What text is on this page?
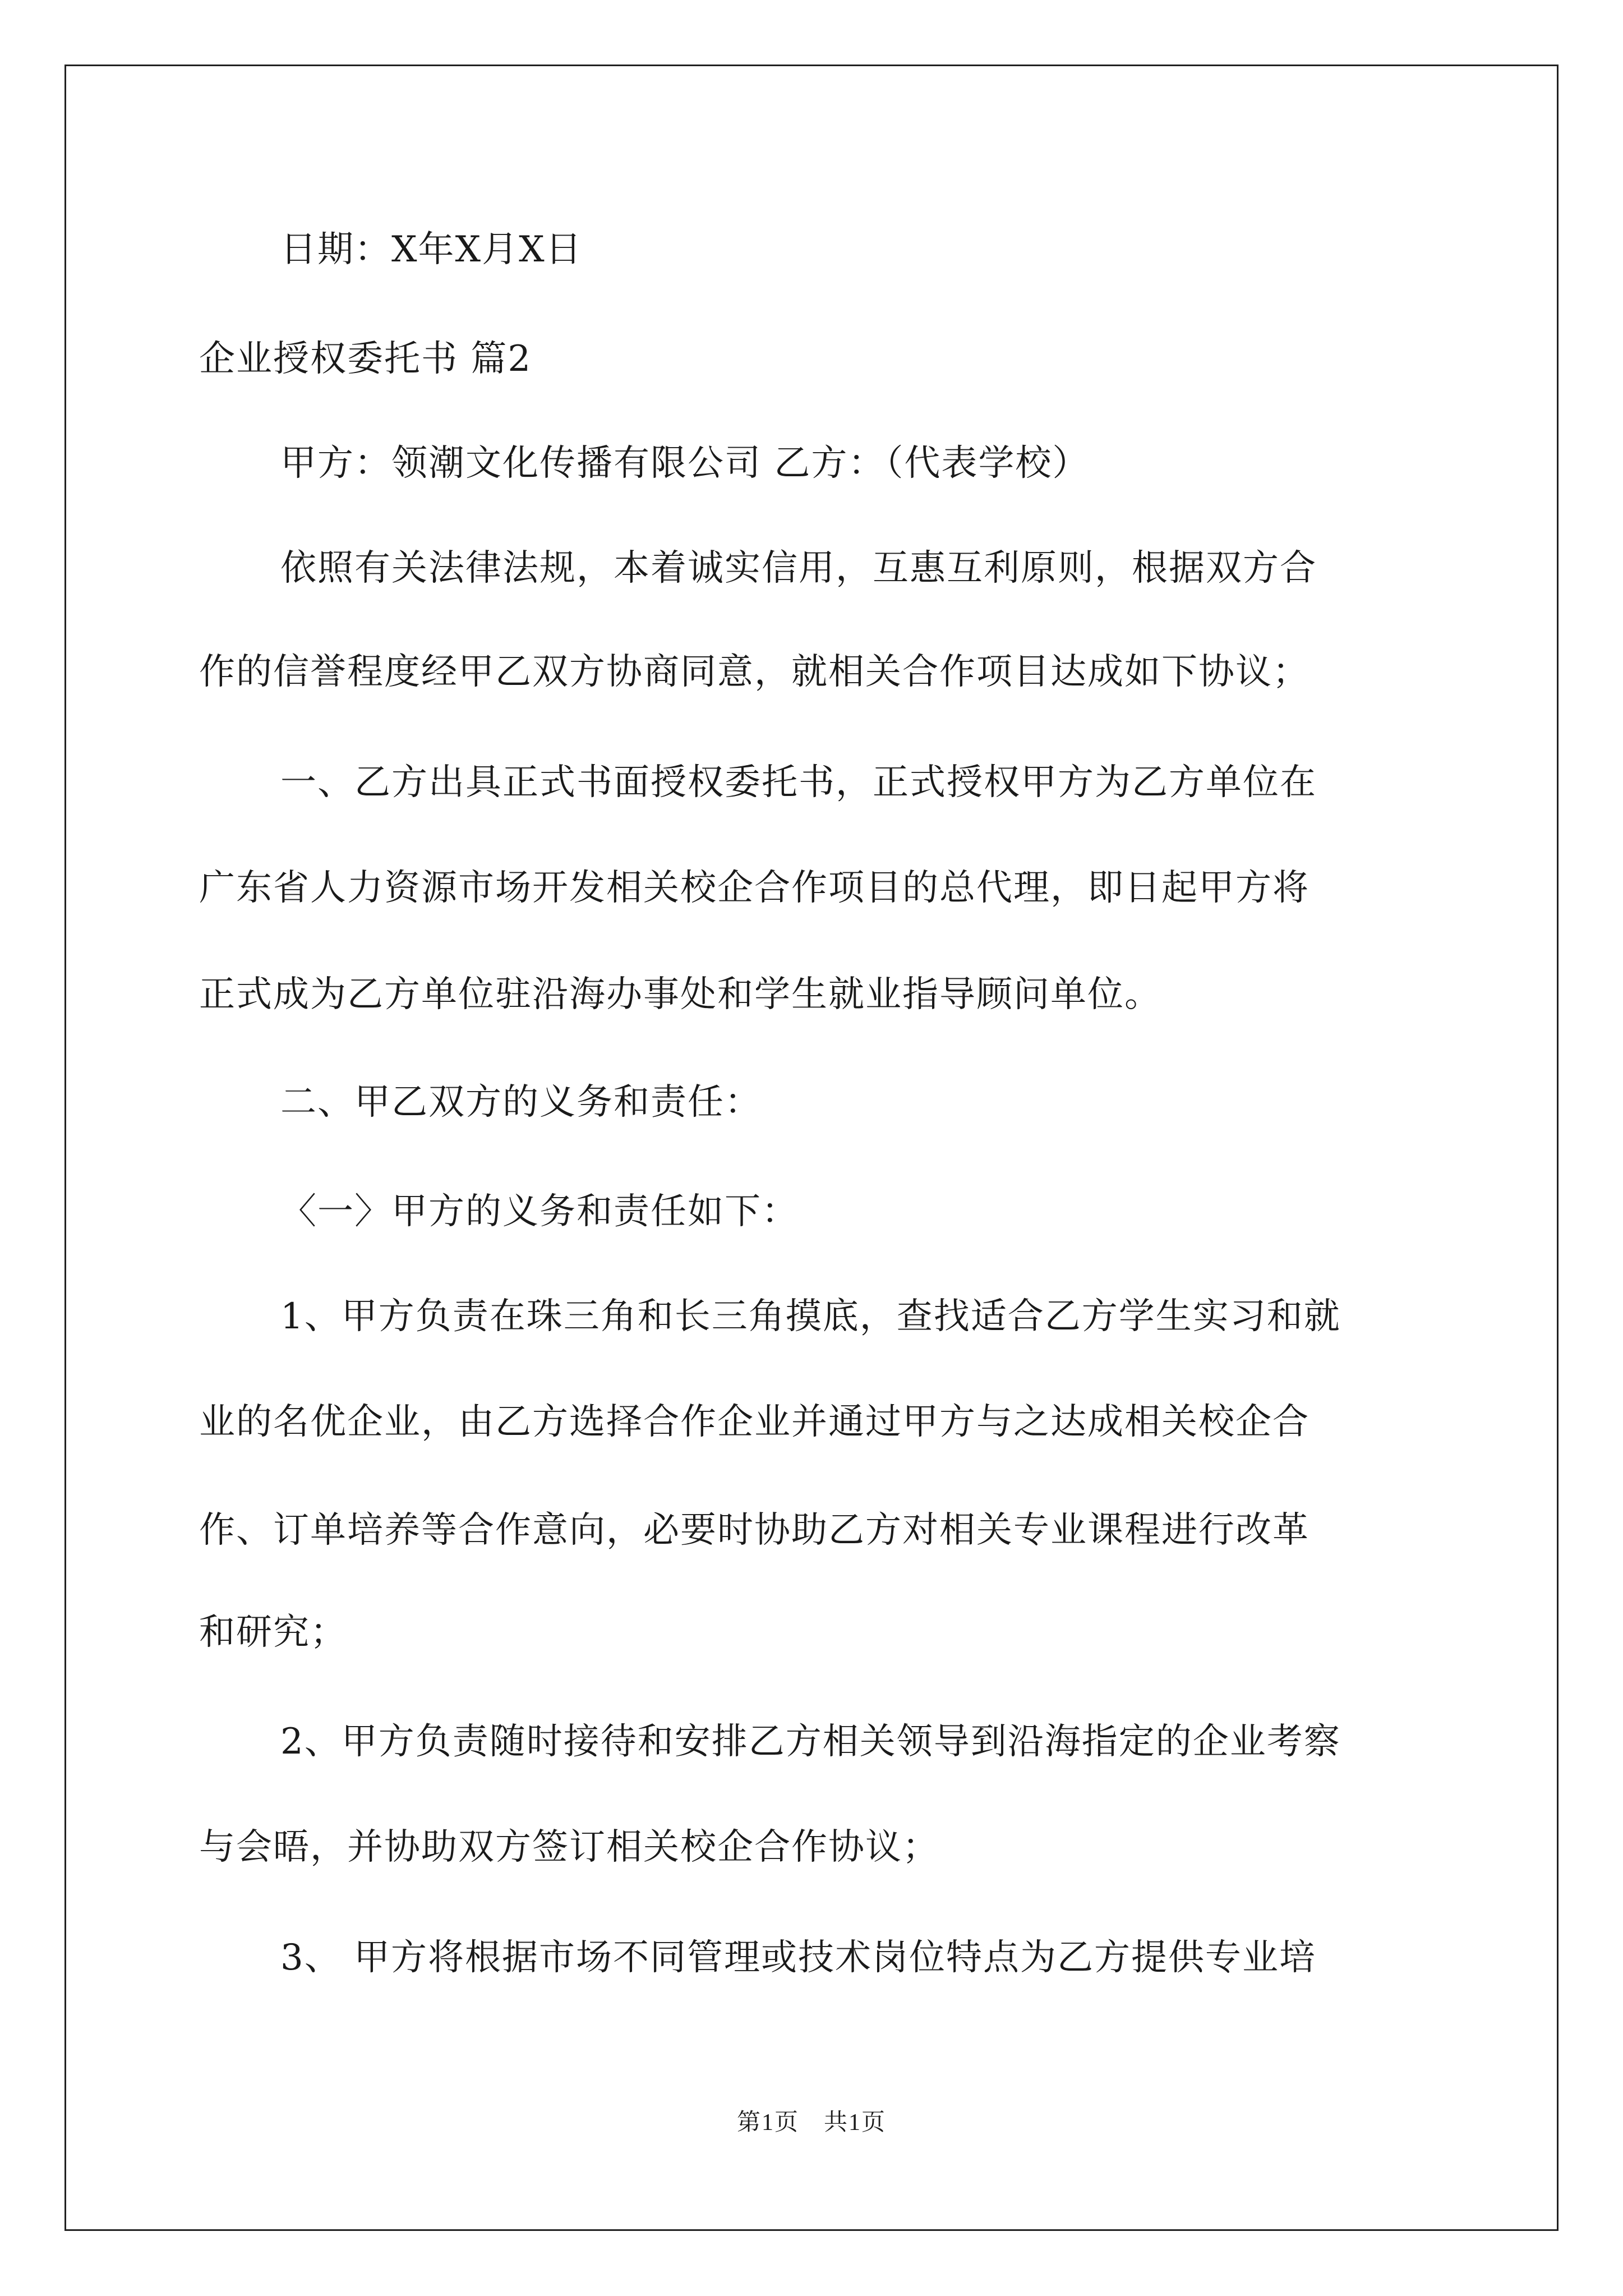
日期：X年X月X日
企业授权委托书 篇2
甲方：领潮文化传播有限公司 乙方：（代表学校）
依照有关法律法规，本着诚实信用，互惠互利原则，根据双方合
作的信誉程度经甲乙双方协商同意，就相关合作项目达成如下协议；
一、乙方出具正式书面授权委托书，正式授权甲方为乙方单位在
广东省人力资源市场开发相关校企合作项目的总代理，即日起甲方将
正式成为乙方单位驻沿海办事处和学生就业指导顾问单位。
二、甲乙双方的义务和责任：
〈一〉甲方的义务和责任如下：
1、甲方负责在珠三角和长三角摸底，查找适合乙方学生实习和就
业的名优企业，由乙方选择合作企业并通过甲方与之达成相关校企合
作、订单培养等合作意向，必要时协助乙方对相关专业课程进行改革
和研究；
2、甲方负责随时接待和安排乙方相关领导到沿海指定的企业考察
与会晤，并协助双方签订相关校企合作协议；
3、 甲方将根据市场不同管理或技术岗位特点为乙方提供专业培
第1页　共1页
